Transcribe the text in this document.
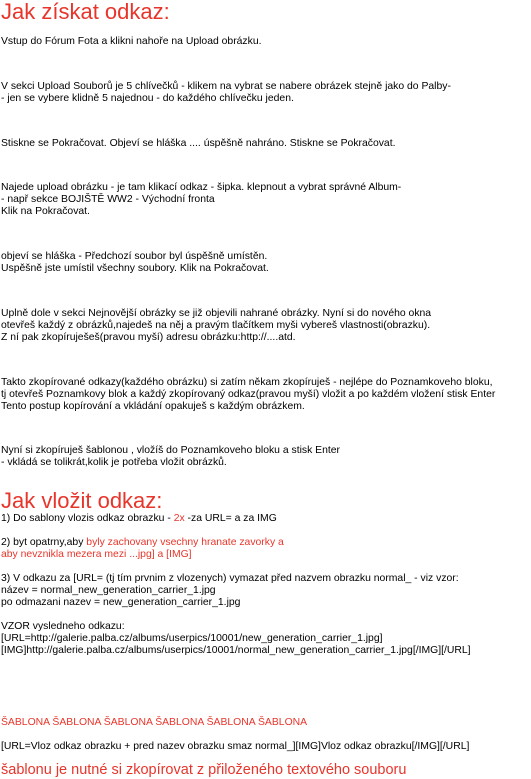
Jak získat odkaz:

Vstup do Fórum Fota a klikni nahoře na Upload obrázku.

V sekci Upload Souborů je 5 chlívečků - klikem na vybrat se nabere obrázek stejně jako do Palby-

- jen se vybere klidně 5 najednou - do každého chlívečku jeden.

Stiskne se Pokračovat. Objeví se hláška .... úspěšně nahráno. Stiskne se Pokračovat.

Najede upload obrázku - je tam klikací odkaz - šipka. klepnout a vybrat správné Album-

- např sekce BOJIŠTĚ WW2 - Východní fronta

Klik na Pokračovat.

objeví se hláška - Předchozí soubor byl úspěšně umístěn.

Uspěšně jste umístil všechny soubory. Klik na Pokračovat.

Uplně dole v sekci Nejnovější obrázky se již objevili nahrané obrázky. Nyní si do nového okna

otevřeš každý z obrázků,najedeš na něj a pravým tlačítkem myši vybereš vlastnosti(obrazku).

Z ní pak zkopíruješeš(pravou myší) adresu obrázku:http://....atd.

Takto zkopírované odkazy(každého obrázku) si zatím někam zkopíruješ - nejlépe do Poznamkoveho bloku,

tj otevřeš Poznamkovy blok a každý zkopírovaný odkaz(pravou myší) vložit a po každém vložení stisk Enter

Tento postup kopírování a vkládání opakuješ s každým obrázkem.

Nyní si zkopíruješ šablonou , vložíš do Poznamkoveho bloku a stisk Enter

- vkládá se tolikrát,kolik je potřeba vložit obrázků.

Jak vložit odkaz:

1) Do sablony vlozis odkaz obrazku - 2x -za URL= a za IMG

2) byt opatrny,aby byly zachovany vsechny hranate zavorky a

aby nevznikla mezera mezi ...jpg] a [IMG]

3) V odkazu za [URL= (tj tím prvnim z vlozenych) vymazat před nazvem obrazku normal_ - viz vzor:

název = normal_new_generation_carrier_1.jpg

po odmazani nazev = new_generation_carrier_1.jpg

VZOR vysledneho odkazu:

[URL=http://galerie.palba.cz/albums/userpics/10001/new_generation_carrier_1.jpg]

[IMG]http://galerie.palba.cz/albums/userpics/10001/normal_new_generation_carrier_1.jpg[/IMG][/URL]

ŠABLONA ŠABLONA ŠABLONA ŠABLONA ŠABLONA ŠABLONA

[URL=Vloz odkaz obrazku + pred nazev obrazku smaz normal_][IMG]Vloz odkaz obrazku[/IMG][/URL]

šablonu je nutné si zkopírovat z přiloženého textového souboru
